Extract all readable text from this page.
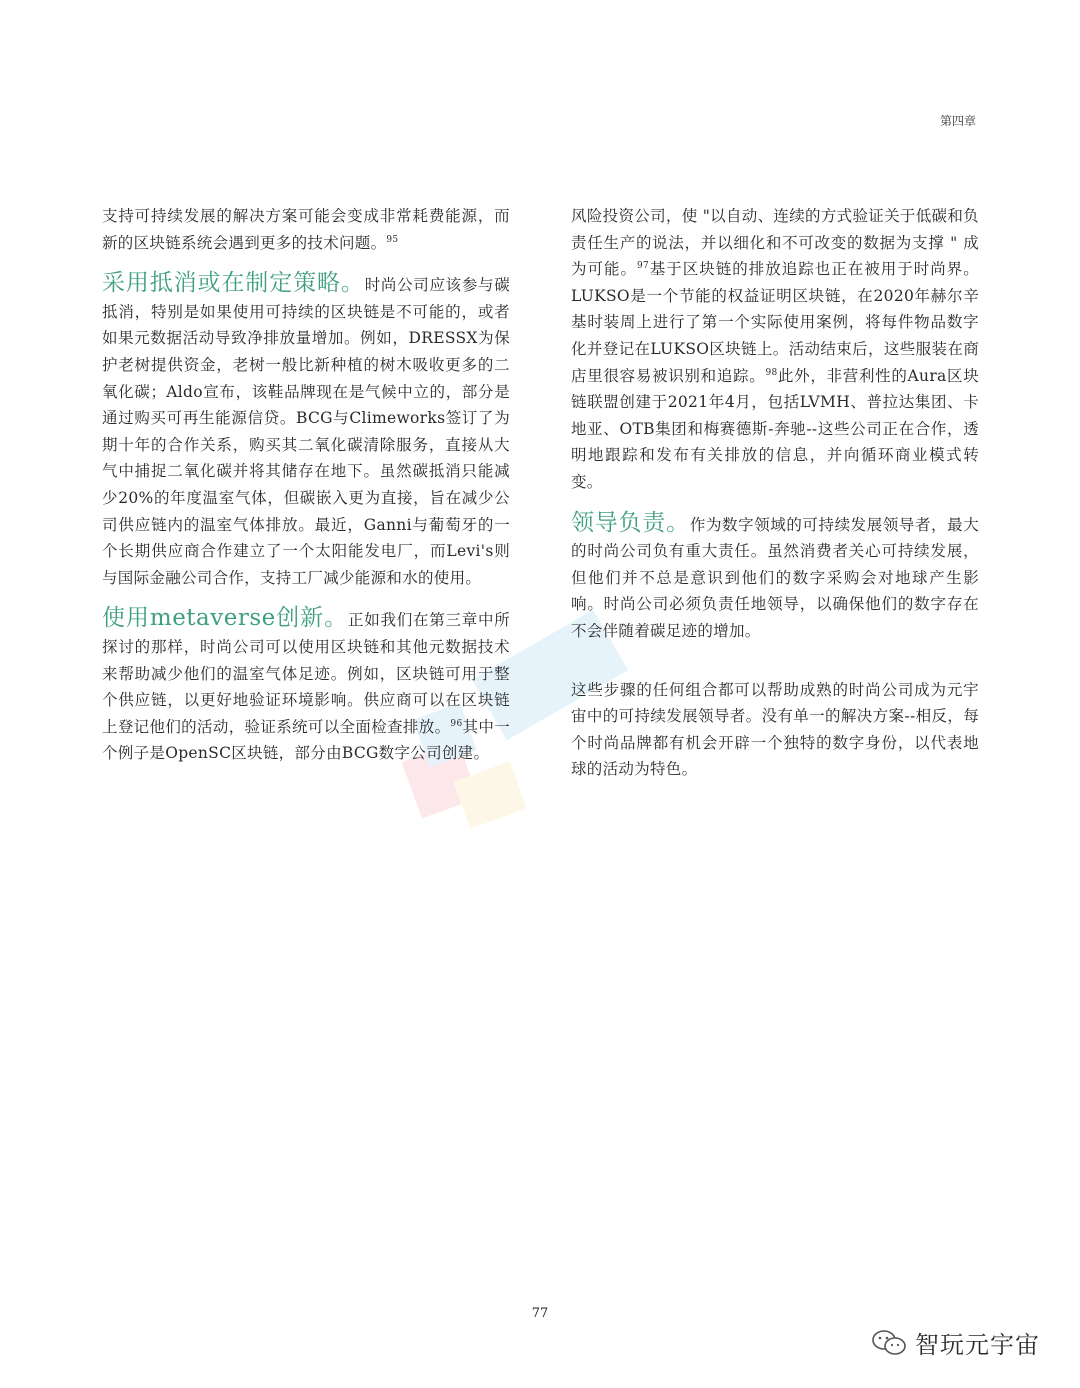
第四章

支持可持续发展的解决方案可能会变成非常耗费能源，而新的区块链系统会遇到更多的技术问题。$^{95}$

采用抵消或在制定策略。时尚公司应该参与碳抵消，特别是如果使用可持续的区块链是不可能的，或者如果元数据活动导致净排放量增加。例如，DRESSX为保护老树提供资金，老树一般比新种植的树木吸收更多的二氧化碳；Aldo宣布，该鞋品牌现在是气候中立的，部分是通过购买可再生能源信贷。BCG与Climeworks签订了为期十年的合作关系，购买其二氧化碳清除服务，直接从大气中捕捉二氧化碳并将其储存在地下。虽然碳抵消只能减少20%的年度温室气体，但碳嵌入更为直接，旨在减少公司供应链内的温室气体排放。最近，Ganni与葡萄牙的一个长期供应商合作建立了一个太阳能发电厂，而Levi's则与国际金融公司合作，支持工厂减少能源和水的使用。

使用metaverse创新。正如我们在第三章中所探讨的那样，时尚公司可以使用区块链和其他元数据技术来帮助减少他们的温室气体足迹。例如，区块链可用于整个供应链，以更好地验证环境影响。供应商可以在区块链上登记他们的活动，验证系统可以全面检查排放。$^{96}$其中一个例子是OpenSC区块链，部分由BCG数字公司创建。

风险投资公司，使 "以自动、连续的方式验证关于低碳和负责任生产的说法，并以细化和不可改变的数据为支撑 " 成为可能。$^{97}$基于区块链的排放追踪也正在被用于时尚界。LUKSO是一个节能的权益证明区块链，在2020年赫尔辛基时装周上进行了第一个实际使用案例，将每件物品数字化并登记在LUKSO区块链上。活动结束后，这些服装在商店里很容易被识别和追踪。$^{98}$此外，非营利性的Aura区块链联盟创建于2021年4月，包括LVMH、普拉达集团、卡地亚、OTB集团和梅赛德斯-奔驰--这些公司正在合作，透明地跟踪和发布有关排放的信息，并向循环商业模式转变。

领导负责。作为数字领域的可持续发展领导者，最大的时尚公司负有重大责任。虽然消费者关心可持续发展，但他们并不总是意识到他们的数字采购会对地球产生影响。时尚公司必须负责任地领导，以确保他们的数字存在不会伴随着碳足迹的增加。

这些步骤的任何组合都可以帮助成熟的时尚公司成为元宇宙中的可持续发展领导者。没有单一的解决方案--相反，每个时尚品牌都有机会开辟一个独特的数字身份，以代表地球的活动为特色。

77
智玩元宇宙
